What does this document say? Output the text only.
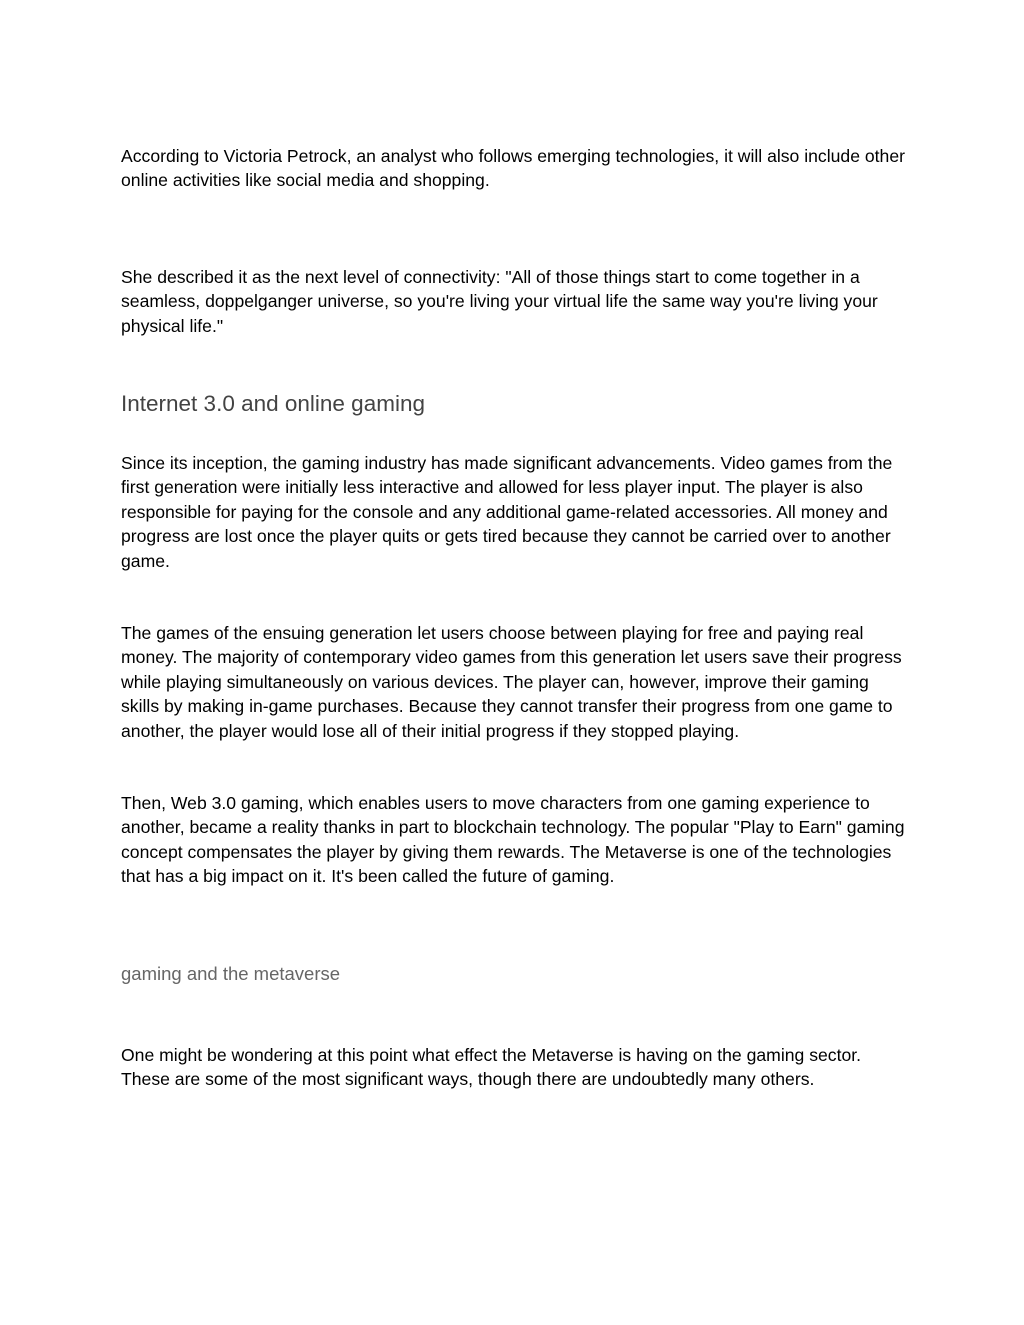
According to Victoria Petrock, an analyst who follows emerging technologies, it will also include other online activities like social media and shopping.

She described it as the next level of connectivity: "All of those things start to come together in a seamless, doppelganger universe, so you're living your virtual life the same way you're living your physical life."

Internet 3.0 and online gaming

Since its inception, the gaming industry has made significant advancements. Video games from the first generation were initially less interactive and allowed for less player input. The player is also responsible for paying for the console and any additional game-related accessories. All money and progress are lost once the player quits or gets tired because they cannot be carried over to another game.

The games of the ensuing generation let users choose between playing for free and paying real money. The majority of contemporary video games from this generation let users save their progress while playing simultaneously on various devices. The player can, however, improve their gaming skills by making in-game purchases. Because they cannot transfer their progress from one game to another, the player would lose all of their initial progress if they stopped playing.

Then, Web 3.0 gaming, which enables users to move characters from one gaming experience to another, became a reality thanks in part to blockchain technology. The popular "Play to Earn" gaming concept compensates the player by giving them rewards. The Metaverse is one of the technologies that has a big impact on it. It's been called the future of gaming.

gaming and the metaverse

One might be wondering at this point what effect the Metaverse is having on the gaming sector. These are some of the most significant ways, though there are undoubtedly many others.
